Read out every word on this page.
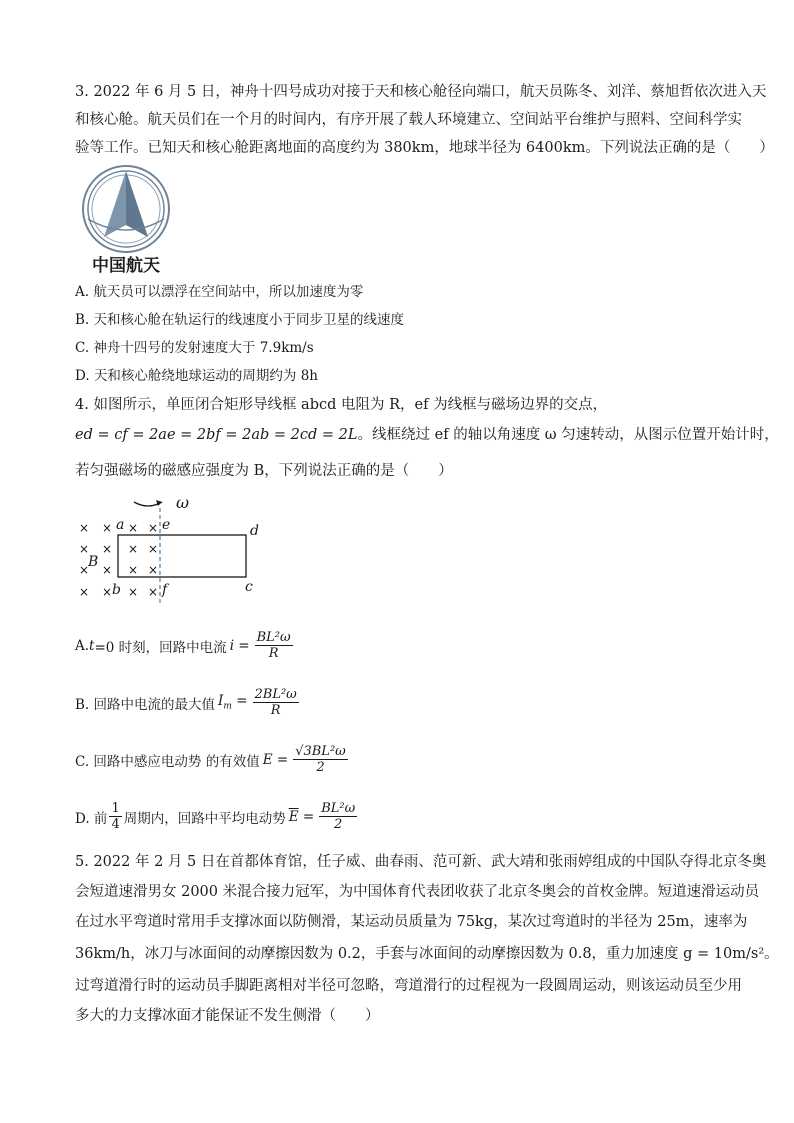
3. 2022 年 6 月 5 日，神舟十四号成功对接于天和核心舱径向端口，航天员陈冬、刘洋、蔡旭哲依次进入天
和核心舱。航天员们在一个月的时间内，有序开展了载人环境建立、空间站平台维护与照料、空间科学实
验等工作。已知天和核心舱距离地面的高度约为 380km，地球半径为 6400km。下列说法正确的是（　　）
CASC
中国航天
A. 航天员可以漂浮在空间站中，所以加速度为零
B. 天和核心舱在轨运行的线速度小于同步卫星的线速度
C. 神舟十四号的发射速度大于 7.9km/s
D. 天和核心舱绕地球运动的周期约为 8h
4. 如图所示，单匝闭合矩形导线框 abcd 电阻为 R，ef 为线框与磁场边界的交点，
ed = cf = 2ae = 2bf = 2ab = 2cd = 2L。线框绕过 ef 的轴以角速度 ω 匀速转动，从图示位置开始计时，
若匀强磁场的磁感应强度为 B，下列说法正确的是（　　）
ω
× × × ×
× × × ×
× × × ×
× × × ×
a	e	d
B
b	f	c
A. t =0 时刻，回路中电流 $i = \frac{\text{BL²ω}}{R}$
B. 回路中电流的最大值 $I_m = \frac{\text{2BL²ω}}{R}$
C. 回路中感应电动势 的有效值 $E = \frac{\text{√3BL²ω}}{2}$
D. 前 $\frac{1}{4}$ 周期内，回路中平均电动势 $\overline{E} = \frac{\text{BL²ω}}{2}$
5. 2022 年 2 月 5 日在首都体育馆，任子威、曲春雨、范可新、武大靖和张雨婷组成的中国队夺得北京冬奥
会短道速滑男女 2000 米混合接力冠军，为中国体育代表团收获了北京冬奥会的首枚金牌。短道速滑运动员
在过水平弯道时常用手支撑冰面以防侧滑，某运动员质量为 75kg，某次过弯道时的半径为 25m，速率为
36km/h，冰刀与冰面间的动摩擦因数为 0.2，手套与冰面间的动摩擦因数为 0.8，重力加速度 g = 10m/s²。
过弯道滑行时的运动员手脚距离相对半径可忽略，弯道滑行的过程视为一段圆周运动，则该运动员至少用
多大的力支撑冰面才能保证不发生侧滑（　　）
